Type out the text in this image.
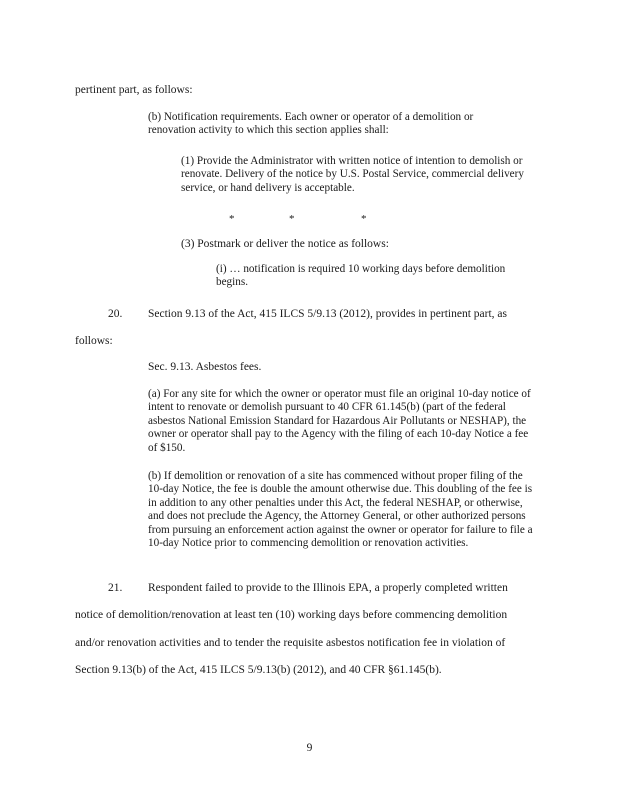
pertinent part, as follows:
(b) Notification requirements. Each owner or operator of a demolition or renovation activity to which this section applies shall:
(1) Provide the Administrator with written notice of intention to demolish or renovate. Delivery of the notice by U.S. Postal Service, commercial delivery service, or hand delivery is acceptable.
*	*	*
(3) Postmark or deliver the notice as follows:
(i) … notification is required 10 working days before demolition begins.
20. Section 9.13 of the Act, 415 ILCS 5/9.13 (2012), provides in pertinent part, as
follows:
Sec. 9.13. Asbestos fees.
(a) For any site for which the owner or operator must file an original 10-day notice of intent to renovate or demolish pursuant to 40 CFR 61.145(b) (part of the federal asbestos National Emission Standard for Hazardous Air Pollutants or NESHAP), the owner or operator shall pay to the Agency with the filing of each 10-day Notice a fee of $150.
(b) If demolition or renovation of a site has commenced without proper filing of the 10-day Notice, the fee is double the amount otherwise due. This doubling of the fee is in addition to any other penalties under this Act, the federal NESHAP, or otherwise, and does not preclude the Agency, the Attorney General, or other authorized persons from pursuing an enforcement action against the owner or operator for failure to file a 10-day Notice prior to commencing demolition or renovation activities.
21. Respondent failed to provide to the Illinois EPA, a properly completed written
notice of demolition/renovation at least ten (10) working days before commencing demolition
and/or renovation activities and to tender the requisite asbestos notification fee in violation of
Section 9.13(b) of the Act, 415 ILCS 5/9.13(b) (2012), and 40 CFR §61.145(b).
9
